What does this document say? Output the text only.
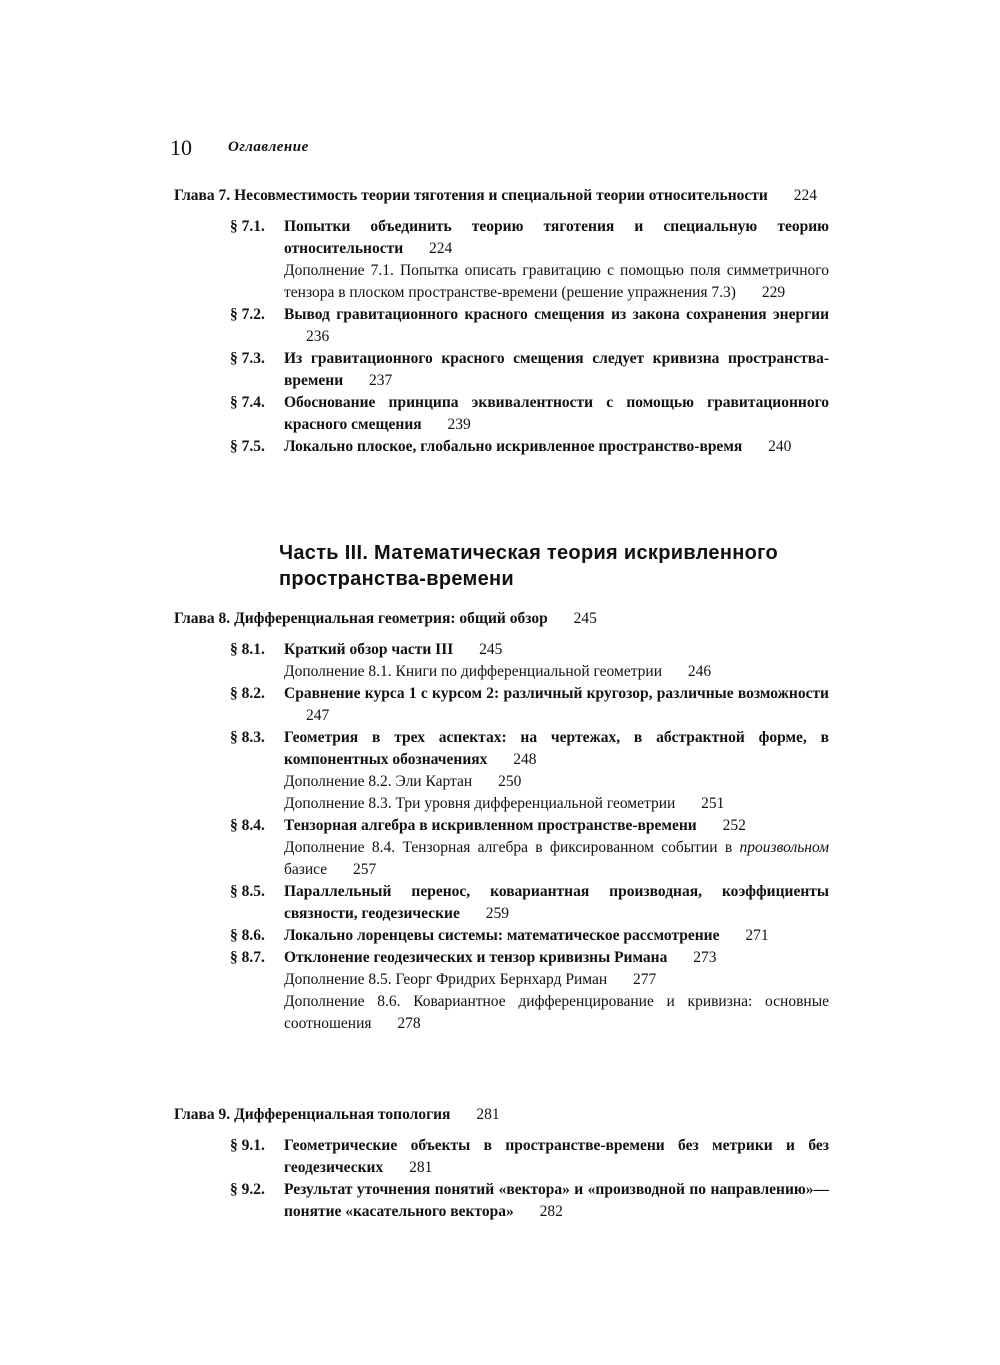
10 Оглавление

Глава 7. Несовместимость теории тяготения и специальной теории относительности 224

§ 7.1. Попытки объединить теорию тяготения и специальную теорию относительности 224

Дополнение 7.1. Попытка описать гравитацию с помощью поля симметричного тензора в плоском пространстве-времени (решение упражнения 7.3) 229

§ 7.2. Вывод гравитационного красного смещения из закона сохранения энергии 236
§ 7.3. Из гравитационного красного смещения следует кривизна пространства-времени 237
§ 7.4. Обоснование принципа эквивалентности с помощью гравитационного красного смещения 239
§ 7.5. Локально плоское, глобально искривленное пространство-время 240
Часть III. Математическая теория искривленного
пространства-времени

Глава 8. Дифференциальная геометрия: общий обзор 245

§ 8.1. Краткий обзор части III 245

Дополнение 8.1. Книги по дифференциальной геометрии 246

§ 8.2. Сравнение курса 1 с курсом 2: различный кругозор, различные возможности 247
§ 8.3. Геометрия в трех аспектах: на чертежах, в абстрактной форме, в компонентных обозначениях 248

Дополнение 8.2. Эли Картан 250

Дополнение 8.3. Три уровня дифференциальной геометрии 251

§ 8.4. Тензорная алгебра в искривленном пространстве-времени 252

Дополнение 8.4. Тензорная алгебра в фиксированном событии в произвольном базисе 257

§ 8.5. Параллельный перенос, ковариантная производная, коэффициенты связности, геодезические 259
§ 8.6. Локально лоренцевы системы: математическое рассмотрение 271
§ 8.7. Отклонение геодезических и тензор кривизны Римана 273

Дополнение 8.5. Георг Фридрих Бернхард Риман 277

Дополнение 8.6. Ковариантное дифференцирование и кривизна: основные соотношения 278

Глава 9. Дифференциальная топология 281

§ 9.1. Геометрические объекты в пространстве-времени без метрики и без геодезических 281
§ 9.2. Результат уточнения понятий «вектора» и «производной по направлению»— понятие «касательного вектора» 282
